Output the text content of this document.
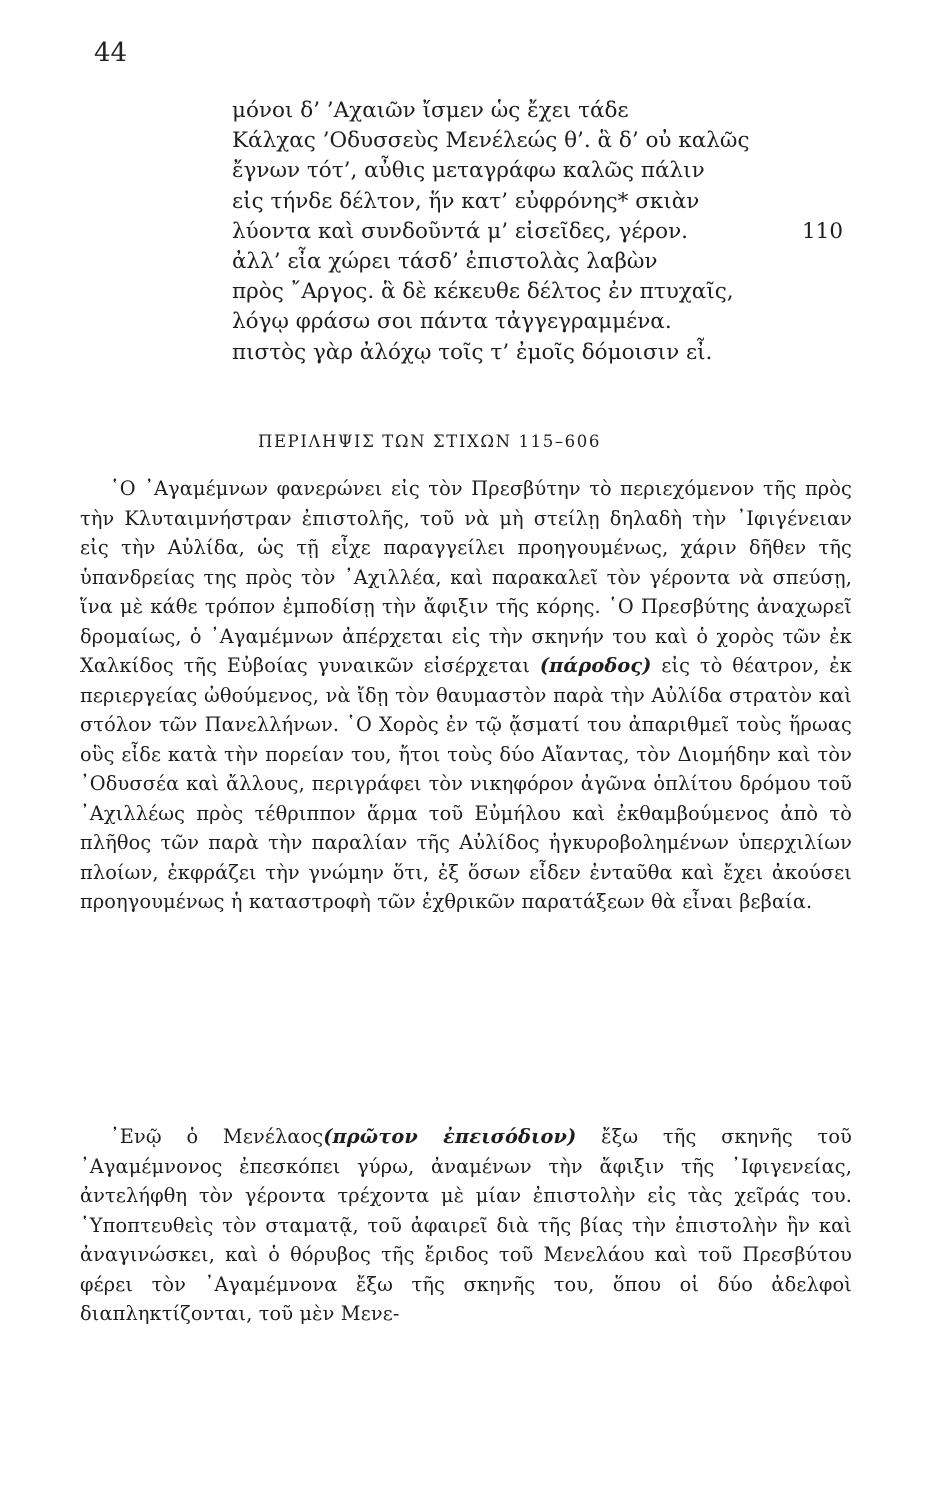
44
μόνοι δ’ ’Αχαιῶν ἴσμεν ὡς ἔχει τάδε
Κάλχας ’Οδυσσεὺς Μενέλεώς θ’. ἃ δ’ οὐ καλῶς
ἔγνων τότ’, αὖθις μεταγράφω καλῶς πάλιν
εἰς τήνδε δέλτον, ἥν κατ’ εὐφρόνης* σκιὰν
λύοντα καὶ συνδοῦντά μ’ εἰσεῖδες, γέρον.	110
ἀλλ’ εἶα χώρει τάσδ’ ἐπιστολὰς λαβὼν
πρὸς ῎Αργος. ἃ δὲ κέκευθε δέλτος ἐν πτυχαῖς,
λόγῳ φράσω σοι πάντα τἀγγεγραμμένα.
πιστὸς γὰρ ἀλόχῳ τοῖς τ’ ἐμοῖς δόμοισιν εἶ.
ΠΕΡΙΛΗΨΙΣ ΤΩΝ ΣΤΙΧΩΝ 115–606

῾Ο ᾿Αγαμέμνων φανερώνει εἰς τὸν Πρεσβύτην τὸ περιεχόμενον τῆς πρὸς τὴν Κλυταιμνήστραν ἐπιστολῆς, τοῦ νὰ μὴ στείλῃ δηλαδὴ τὴν ᾿Ιφιγένειαν εἰς τὴν Αὐλίδα, ὡς τῇ εἶχε παραγγείλει προηγουμένως, χάριν δῆθεν τῆς ὑπανδρείας της πρὸς τὸν ᾿Αχιλλέα, καὶ παρακαλεῖ τὸν γέροντα νὰ σπεύσῃ, ἵνα μὲ κάθε τρόπον ἐμποδίσῃ τὴν ἄφιξιν τῆς κόρης. ῾Ο Πρεσβύτης ἀναχωρεῖ δρομαίως, ὁ ᾿Αγαμέμνων ἀπέρχεται εἰς τὴν σκηνήν του καὶ ὁ χορὸς τῶν ἐκ Χαλκίδος τῆς Εὐβοίας γυναικῶν εἰσέρχεται (πάροδος) εἰς τὸ θέατρον, ἐκ περιεργείας ὠθούμενος, νὰ ἴδῃ τὸν θαυμαστὸν παρὰ τὴν Αὐλίδα στρατὸν καὶ στόλον τῶν Πανελλήνων. ῾Ο Χορὸς ἐν τῷ ᾄσματί του ἀπαριθμεῖ τοὺς ἥρωας οὓς εἶδε κατὰ τὴν πορείαν του, ἤτοι τοὺς δύο Αἴαντας, τὸν Διομήδην καὶ τὸν ᾿Οδυσσέα καὶ ἄλλους, περιγράφει τὸν νικηφόρον ἀγῶνα ὁπλίτου δρόμου τοῦ ᾿Αχιλλέως πρὸς τέθριππον ἅρμα τοῦ Εὐμήλου καὶ ἐκθαμβούμενος ἀπὸ τὸ πλῆθος τῶν παρὰ τὴν παραλίαν τῆς Αὐλίδος ἠγκυροβολημένων ὑπερχιλίων πλοίων, ἐκφράζει τὴν γνώμην ὅτι, ἐξ ὅσων εἶδεν ἐνταῦθα καὶ ἔχει ἀκούσει προηγουμένως ἡ καταστροφὴ τῶν ἐχθρικῶν παρατάξεων θὰ εἶναι βεβαία.

᾿Ενῷ ὁ Μενέλαος(πρῶτον ἐπεισόδιον) ἔξω τῆς σκηνῆς τοῦ ᾿Αγαμέμνονος ἐπεσκόπει γύρω, ἀναμένων τὴν ἄφιξιν τῆς ᾿Ιφιγενείας, ἀντελήφθη τὸν γέροντα τρέχοντα μὲ μίαν ἐπιστολὴν εἰς τὰς χεῖράς του. ῾Υποπτευθεὶς τὸν σταματᾷ, τοῦ ἀφαιρεῖ διὰ τῆς βίας τὴν ἐπιστολὴν ἣν καὶ ἀναγινώσκει, καὶ ὁ θόρυβος τῆς ἔριδος τοῦ Μενελάου καὶ τοῦ Πρεσβύτου φέρει τὸν ᾿Αγαμέμνονα ἔξω τῆς σκηνῆς του, ὅπου οἱ δύο ἀδελφοὶ διαπληκτίζονται, τοῦ μὲν Μενε-
